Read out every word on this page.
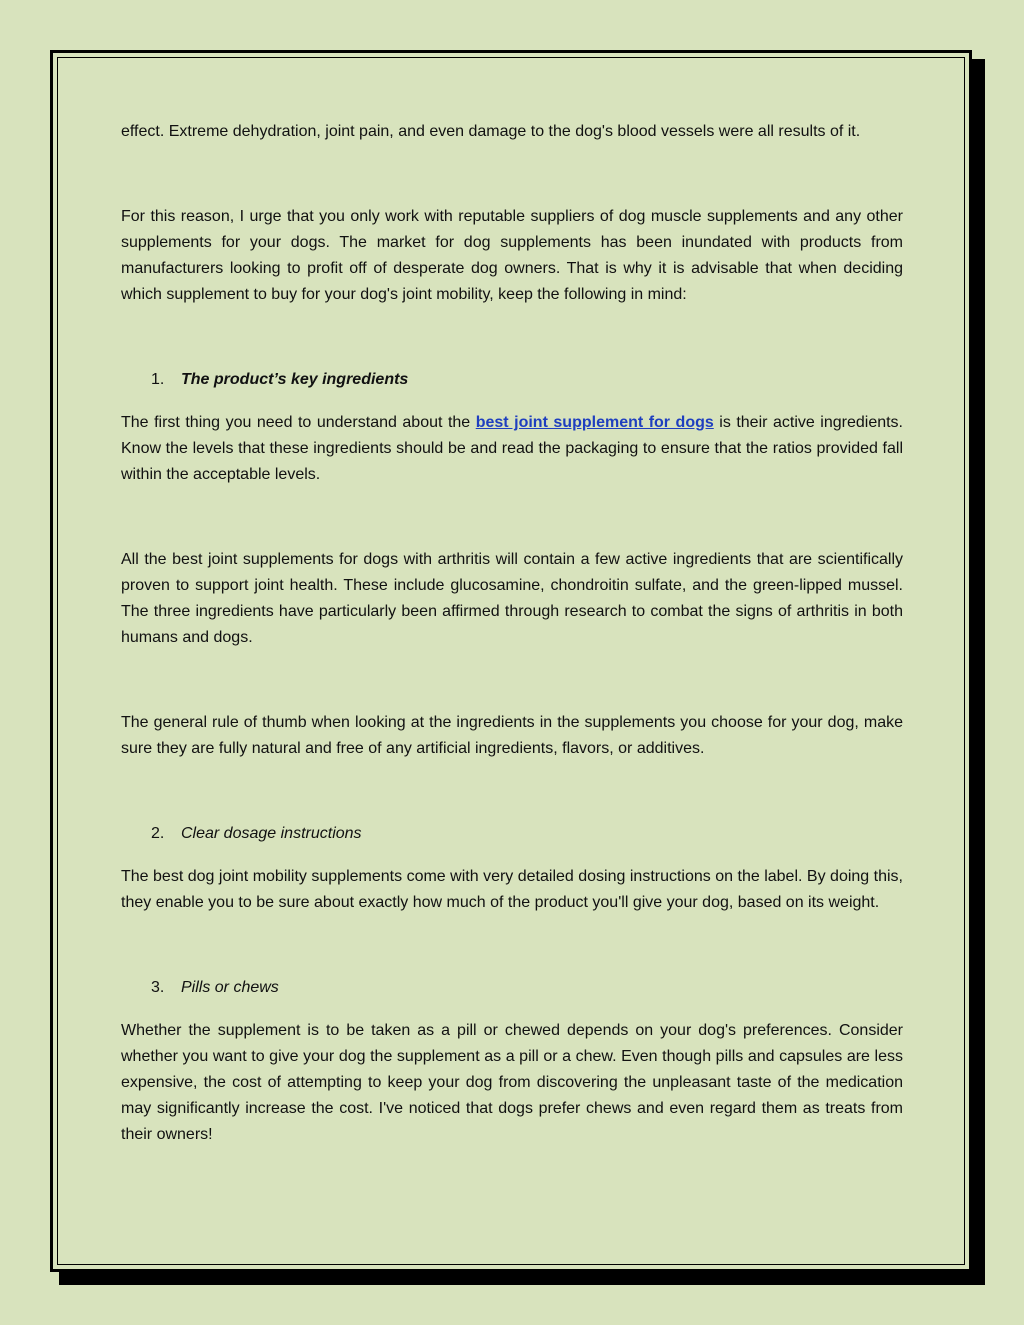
effect. Extreme dehydration, joint pain, and even damage to the dog's blood vessels were all results of it.

For this reason, I urge that you only work with reputable suppliers of dog muscle supplements and any other supplements for your dogs. The market for dog supplements has been inundated with products from manufacturers looking to profit off of desperate dog owners. That is why it is advisable that when deciding which supplement to buy for your dog's joint mobility, keep the following in mind:

1.	The product’s key ingredients

The first thing you need to understand about the best joint supplement for dogs is their active ingredients. Know the levels that these ingredients should be and read the packaging to ensure that the ratios provided fall within the acceptable levels.

All the best joint supplements for dogs with arthritis will contain a few active ingredients that are scientifically proven to support joint health. These include glucosamine, chondroitin sulfate, and the green-lipped mussel. The three ingredients have particularly been affirmed through research to combat the signs of arthritis in both humans and dogs.

The general rule of thumb when looking at the ingredients in the supplements you choose for your dog, make sure they are fully natural and free of any artificial ingredients, flavors, or additives.

2.	Clear dosage instructions

The best dog joint mobility supplements come with very detailed dosing instructions on the label. By doing this, they enable you to be sure about exactly how much of the product you'll give your dog, based on its weight.

3.	Pills or chews

Whether the supplement is to be taken as a pill or chewed depends on your dog's preferences. Consider whether you want to give your dog the supplement as a pill or a chew. Even though pills and capsules are less expensive, the cost of attempting to keep your dog from discovering the unpleasant taste of the medication may significantly increase the cost. I've noticed that dogs prefer chews and even regard them as treats from their owners!
